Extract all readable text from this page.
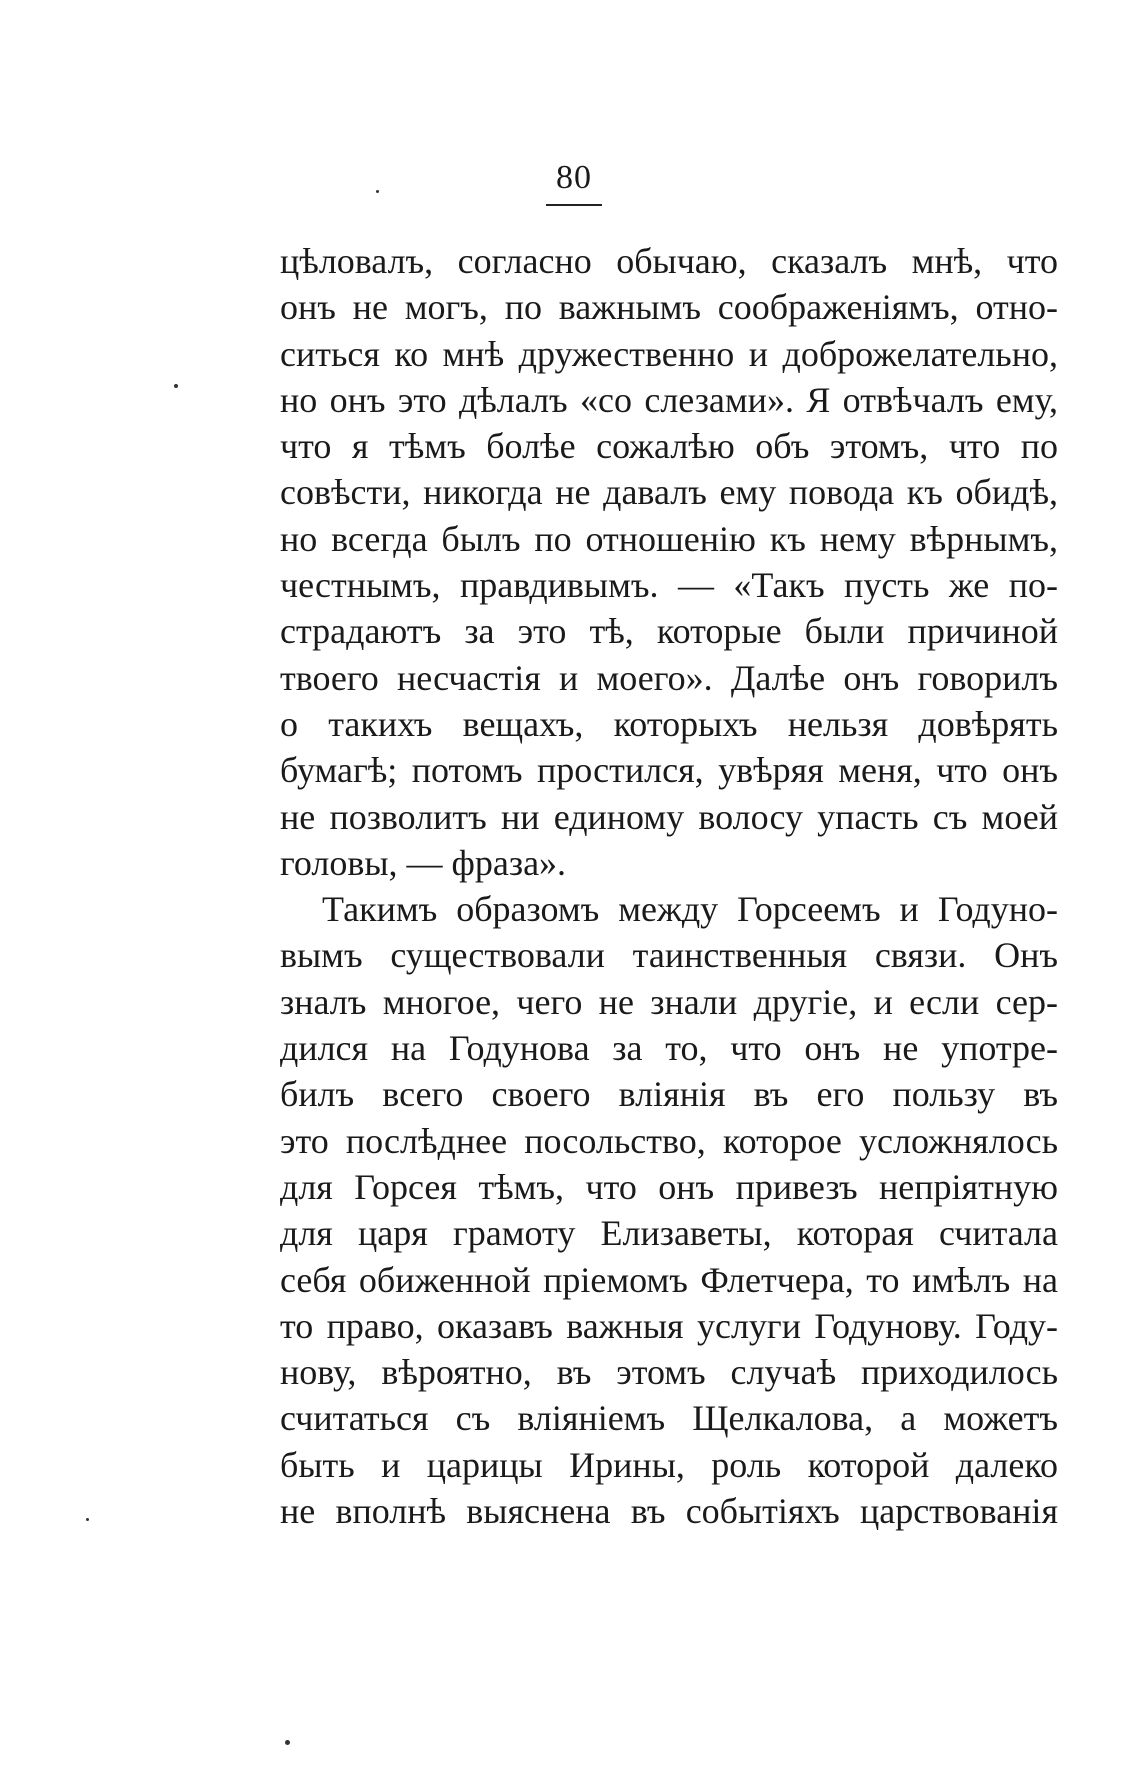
80
цѣловалъ, согласно обычаю, сказалъ мнѣ, что
онъ не могъ, по важнымъ соображеніямъ, отно-
ситься ко мнѣ дружественно и доброжелательно,
но онъ это дѣлалъ «со слезами». Я отвѣчалъ ему,
что я тѣмъ болѣе сожалѣю объ этомъ, что по
совѣсти, никогда не давалъ ему повода къ обидѣ,
но всегда былъ по отношенію къ нему вѣрнымъ,
честнымъ, правдивымъ. — «Такъ пусть же по-
страдаютъ за это тѣ, которые были причиной
твоего несчастія и моего». Далѣе онъ говорилъ
о такихъ вещахъ, которыхъ нельзя довѣрять
бумагѣ; потомъ простился, увѣряя меня, что онъ
не позволитъ ни единому волосу упасть съ моей
головы, — фраза».
Такимъ образомъ между Горсеемъ и Годуно-
вымъ существовали таинственныя связи. Онъ
зналъ многое, чего не знали другіе, и если сер-
дился на Годунова за то, что онъ не употре-
билъ всего своего вліянія въ его пользу въ
это послѣднее посольство, которое усложнялось
для Горсея тѣмъ, что онъ привезъ непріятную
для царя грамоту Елизаветы, которая считала
себя обиженной пріемомъ Флетчера, то имѣлъ на
то право, оказавъ важныя услуги Годунову. Году-
нову, вѣроятно, въ этомъ случаѣ приходилось
считаться съ вліяніемъ Щелкалова, а можетъ
быть и царицы Ирины, роль которой далеко
не вполнѣ выяснена въ событіяхъ царствованія
